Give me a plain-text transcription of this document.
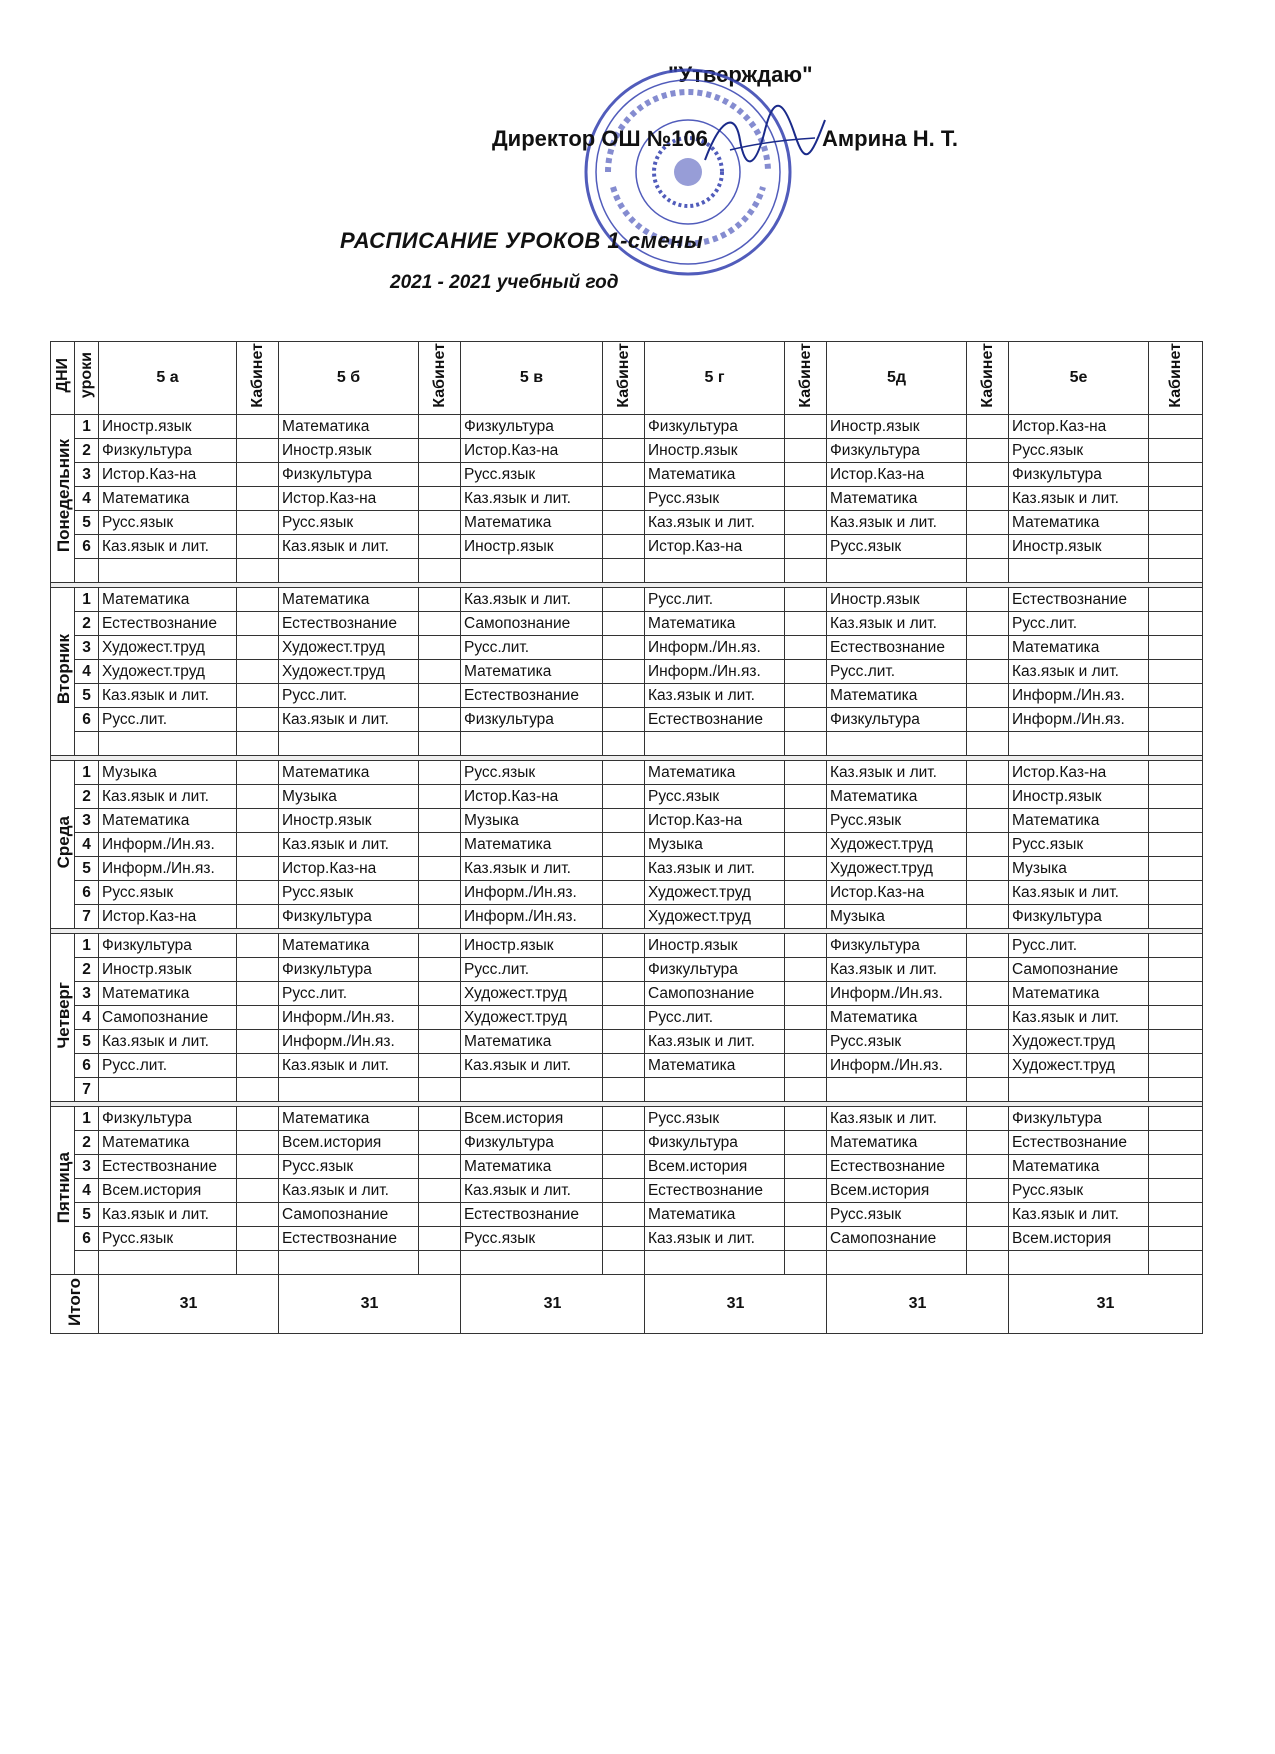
"Утверждаю"
Директор ОШ №106	Амрина Н. Т.
РАСПИСАНИЕ УРОКОВ 1-смены
2021 - 2021 учебный год
ДНИ	уроки	5 а	Кабинет	5 б	Кабинет	5 в	Кабинет	5 г	Кабинет	5д	Кабинет	5е	Кабинет
Понедельник	1	Иностр.язык		Математика		Физкультура		Физкультура		Иностр.язык		Истор.Каз-на	
	2	Физкультура		Иностр.язык		Истор.Каз-на		Иностр.язык		Физкультура		Русс.язык	
	3	Истор.Каз-на		Физкультура		Русс.язык		Математика		Истор.Каз-на		Физкультура	
	4	Математика		Истор.Каз-на		Каз.язык и лит.		Русс.язык		Математика		Каз.язык и лит.	
	5	Русс.язык		Русс.язык		Математика		Каз.язык и лит.		Каз.язык и лит.		Математика	
	6	Каз.язык и лит.		Каз.язык и лит.		Иностр.язык		Истор.Каз-на		Русс.язык		Иностр.язык	

Вторник	1	Математика		Математика		Каз.язык и лит.		Русс.лит.		Иностр.язык		Естествознание	
	2	Естествознание		Естествознание		Самопознание		Математика		Каз.язык и лит.		Русс.лит.	
	3	Художест.труд		Художест.труд		Русс.лит.		Информ./Ин.яз.		Естествознание		Математика	
	4	Художест.труд		Художест.труд		Математика		Информ./Ин.яз.		Русс.лит.		Каз.язык и лит.	
	5	Каз.язык и лит.		Русс.лит.		Естествознание		Каз.язык и лит.		Математика		Информ./Ин.яз.	
	6	Русс.лит.		Каз.язык и лит.		Физкультура		Естествознание		Физкультура		Информ./Ин.яз.	

Среда	1	Музыка		Математика		Русс.язык		Математика		Каз.язык и лит.		Истор.Каз-на	
	2	Каз.язык и лит.		Музыка		Истор.Каз-на		Русс.язык		Математика		Иностр.язык	
	3	Математика		Иностр.язык		Музыка		Истор.Каз-на		Русс.язык		Математика	
	4	Информ./Ин.яз.		Каз.язык и лит.		Математика		Музыка		Художест.труд		Русс.язык	
	5	Информ./Ин.яз.		Истор.Каз-на		Каз.язык и лит.		Каз.язык и лит.		Художест.труд		Музыка	
	6	Русс.язык		Русс.язык		Информ./Ин.яз.		Художест.труд		Истор.Каз-на		Каз.язык и лит.	
	7	Истор.Каз-на		Физкультура		Информ./Ин.яз.		Художест.труд		Музыка		Физкультура	

Четверг	1	Физкультура		Математика		Иностр.язык		Иностр.язык		Физкультура		Русс.лит.	
	2	Иностр.язык		Физкультура		Русс.лит.		Физкультура		Каз.язык и лит.		Самопознание	
	3	Математика		Русс.лит.		Художест.труд		Самопознание		Информ./Ин.яз.		Математика	
	4	Самопознание		Информ./Ин.яз.		Художест.труд		Русс.лит.		Математика		Каз.язык и лит.	
	5	Каз.язык и лит.		Информ./Ин.яз.		Математика		Каз.язык и лит.		Русс.язык		Художест.труд	
	6	Русс.лит.		Каз.язык и лит.		Каз.язык и лит.		Математика		Информ./Ин.яз.		Художест.труд	
	7												

Пятница	1	Физкультура		Математика		Всем.история		Русс.язык		Каз.язык и лит.		Физкультура	
	2	Математика		Всем.история		Физкультура		Физкультура		Математика		Естествознание	
	3	Естествознание		Русс.язык		Математика		Всем.история		Естествознание		Математика	
	4	Всем.история		Каз.язык и лит.		Каз.язык и лит.		Естествознание		Всем.история		Русс.язык	
	5	Каз.язык и лит.		Самопознание		Естествознание		Математика		Русс.язык		Каз.язык и лит.	
	6	Русс.язык		Естествознание		Русс.язык		Каз.язык и лит.		Самопознание		Всем.история	

Итого		31		31		31		31		31		31	
